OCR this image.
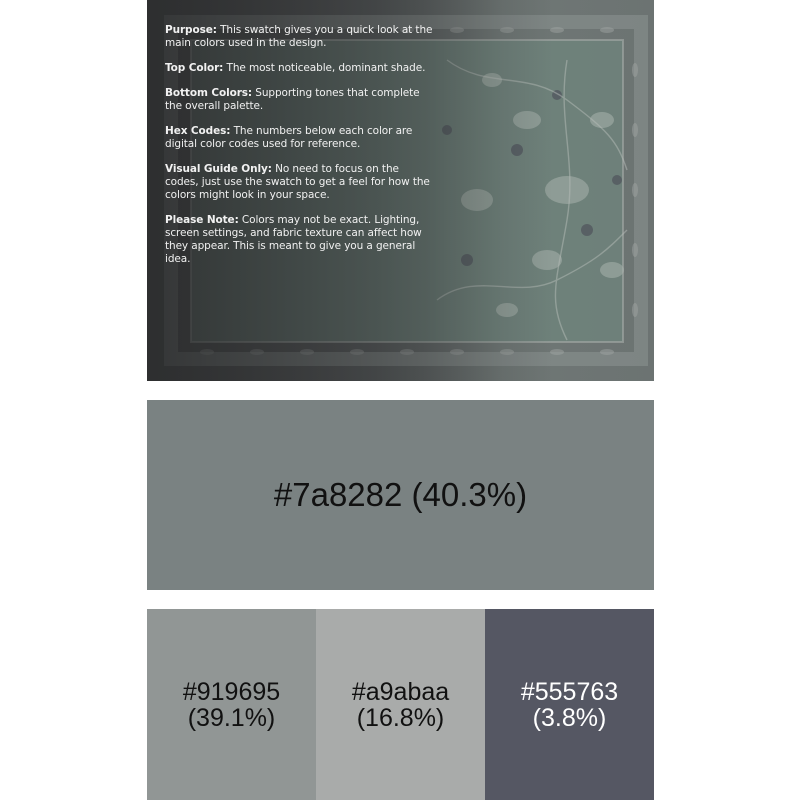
Purpose: This swatch gives you a quick look at the main colors used in the design.

Top Color: The most noticeable, dominant shade.

Bottom Colors: Supporting tones that complete the overall palette.

Hex Codes: The numbers below each color are digital color codes used for reference.

Visual Guide Only: No need to focus on the codes, just use the swatch to get a feel for how the colors might look in your space.

Please Note: Colors may not be exact. Lighting, screen settings, and fabric texture can affect how they appear. This is meant to give you a general idea.

#7a8282 (40.3%)
#919695
(39.1%)
#a9abaa
(16.8%)
#555763
(3.8%)
